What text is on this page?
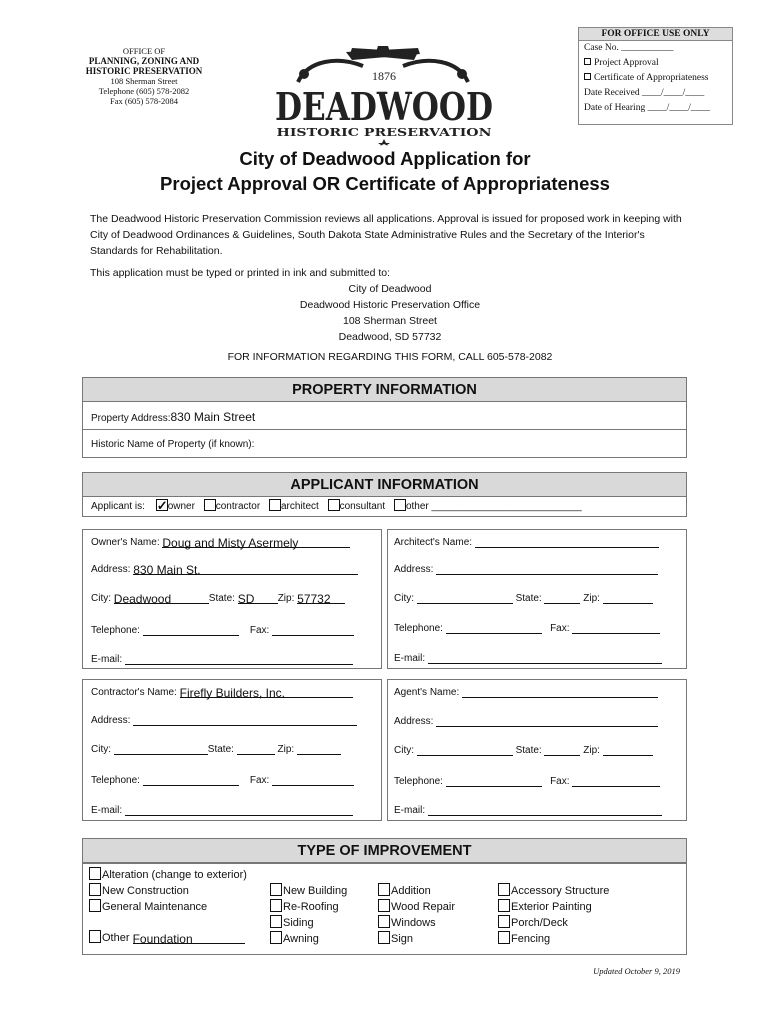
OFFICE OF
PLANNING, ZONING AND
HISTORIC PRESERVATION
108 Sherman Street
Telephone (605) 578-2082
Fax (605) 578-2084
1876
DEADWOOD
HISTORIC PRESERVATION
FOR OFFICE USE ONLY
Case No. ___________
Project Approval
Certificate of Appropriateness
Date Received ____/____/____
Date of Hearing ____/____/____
City of Deadwood Application for
Project Approval OR Certificate of Appropriateness
The Deadwood Historic Preservation Commission reviews all applications. Approval is issued for proposed work in keeping with City of Deadwood Ordinances & Guidelines, South Dakota State Administrative Rules and the Secretary of the Interior's Standards for Rehabilitation.
This application must be typed or printed in ink and submitted to:
City of Deadwood
Deadwood Historic Preservation Office
108 Sherman Street
Deadwood, SD 57732
FOR INFORMATION REGARDING THIS FORM, CALL 605-578-2082
PROPERTY INFORMATION
Property Address:830 Main Street
Historic Name of Property (if known):
APPLICANT INFORMATION
Applicant is: ✓ owner contractor architect consultant other ___________________________
Owner's Name: Doug and Misty Asermely
Address: 830 Main St.
City: Deadwood	State: SD Zip: 57732
Telephone:	Fax:
E-mail:
Architect's Name:
Address:
City:	State:	Zip:
Telephone:	Fax:
E-mail:
Contractor's Name: Firefly Builders, Inc.
Address:
City:	State:	Zip:
Telephone:	Fax:
E-mail:
Agent's Name:
Address:
City:	State:	Zip:
Telephone:	Fax:
E-mail:
TYPE OF IMPROVEMENT
Alteration (change to exterior)
New Construction
General Maintenance
Other Foundation
New Building
Re-Roofing
Siding
Awning
Addition
Wood Repair
Windows
Sign
Accessory Structure
Exterior Painting
Porch/Deck
Fencing
Updated October 9, 2019
